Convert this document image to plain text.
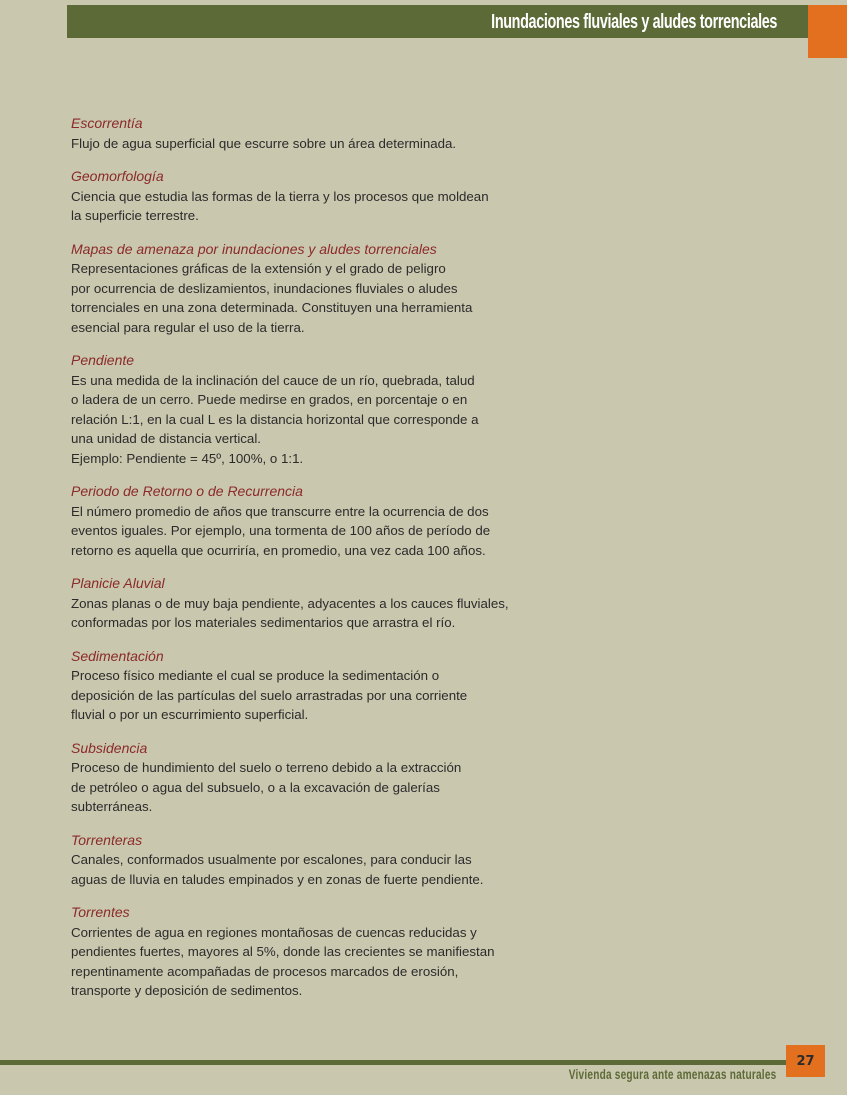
Inundaciones fluviales y aludes torrenciales

Escorrentía

Flujo de agua superficial que escurre sobre un área determinada.

Geomorfología

Ciencia que estudia las formas de la tierra y los procesos que moldean

la superficie terrestre.

Mapas de amenaza por inundaciones y aludes torrenciales

Representaciones gráficas de la extensión y el grado de peligro

por ocurrencia de deslizamientos, inundaciones fluviales o aludes

torrenciales en una zona determinada. Constituyen una herramienta

esencial para regular el uso de la tierra.

Pendiente

Es una medida de la inclinación del cauce de un río, quebrada, talud

o ladera de un cerro. Puede medirse en grados, en porcentaje o en

relación L:1, en la cual L es la distancia horizontal que corresponde a

una unidad de distancia vertical.

Ejemplo: Pendiente = 45º, 100%, o 1:1.

Periodo de Retorno o de Recurrencia

El número promedio de años que transcurre entre la ocurrencia de dos

eventos iguales. Por ejemplo, una tormenta de 100 años de período de

retorno es aquella que ocurriría, en promedio, una vez cada 100 años.

Planicie Aluvial

Zonas planas o de muy baja pendiente, adyacentes a los cauces fluviales,

conformadas por los materiales sedimentarios que arrastra el río.

Sedimentación

Proceso físico mediante el cual se produce la sedimentación o

deposición de las partículas del suelo arrastradas por una corriente

fluvial o por un escurrimiento superficial.

Subsidencia

Proceso de hundimiento del suelo o terreno debido a la extracción

de petróleo o agua del subsuelo, o a la excavación de galerías

subterráneas.

Torrenteras

Canales, conformados usualmente por escalones, para conducir las

aguas de lluvia en taludes empinados y en zonas de fuerte pendiente.

Torrentes

Corrientes de agua en regiones montañosas de cuencas reducidas y

pendientes fuertes, mayores al 5%, donde las crecientes se manifiestan

repentinamente acompañadas de procesos marcados de erosión,

transporte y deposición de sedimentos.

Vivienda segura ante amenazas naturales
27
